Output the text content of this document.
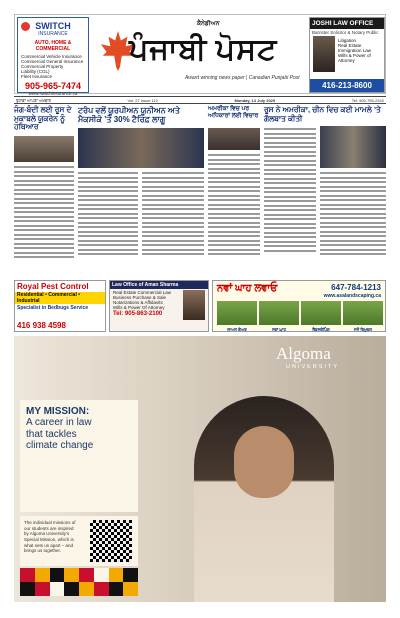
SWITCH
INSURANCE
AUTO, HOME & COMMERCIAL
Commercial Vehicle Insurance
Commercial General Insurance
Commercial Property
Liability (CGL)
Fleet Insurance
905-965-7474
www.switchinsurance.ca
ਕੈਨੇਡੀਅਨ
ਪੰਜਾਬੀ ਪੋਸਟ
Award winning news paper | Canadian Punjabi Post
JOSHI LAW OFFICE
Barrister Solicitor & Notary Public
Litigation
Real Estate
Immigration Law
Wills & Power of Attorney
416-213-8600
ਤੁਹਾਡਾ ਆਪਣਾ ਅਖ਼ਬਾਰ	Vol. 27 Issue 112	Monday, 14 July 2025	Tel: 905-795-2342
ਜੰਗ-ਬੰਦੀ ਲਈ ਰੂਸ ਦੇ ਮੁਕਾਬਲੇ ਯੂਕਰੇਨ ਨੂੰ ਹਥਿਆਰ
ਟਰੰਪ ਵਲੋਂ ਯੂਰਪੀਅਨ ਯੂਨੀਅਨ ਅਤੇ ਮੈਕਸੀਕੋ ’ਤੇ 30% ਟੈਰਿਫ਼ ਲਾਗੂ
ਅਮਰੀਕਾ ਵਿਚ ਪਰ ਅਧਿਕਾਰਾਂ ਲਈ ਵਿਚਾਰ
ਰੂਸ ਨੇ ਅਮਰੀਕਾ, ਚੀਨ ਵਿਚ ਕਈ ਮਾਮਲੇ ’ਤੇ ਗੱਲਬਾਤ ਕੀਤੀ
Royal Pest Control
Residential • Commercial • Industrial
Specialist in Bedbugs Service
416 938 4598
Law Office of Aman Sharma
Real Estate Commercial Law
Business Purchase & Sale
Notarizations & Affidavits
Wills & Power Of Attorney
Tel: 905-863-2100
ਨਵਾਂ ਘਾਹ ਲਵਾਓ	647-784-1213
www.asalandscaping.ca
ਲਾਅਨ ਕੇਅਰ	ਨਵਾਂ ਘਾਹ	ਲੈਂਡਸਕੇਪਿੰਗ	ਸਨੋ ਰਿਮੂਵਲ
Algoma
UNIVERSITY
MY MISSION:
A career in law
that tackles
climate change
The individual missions of our students are inspired by Algoma University’s Special Mission, which is what sets us apart – and brings us together.
